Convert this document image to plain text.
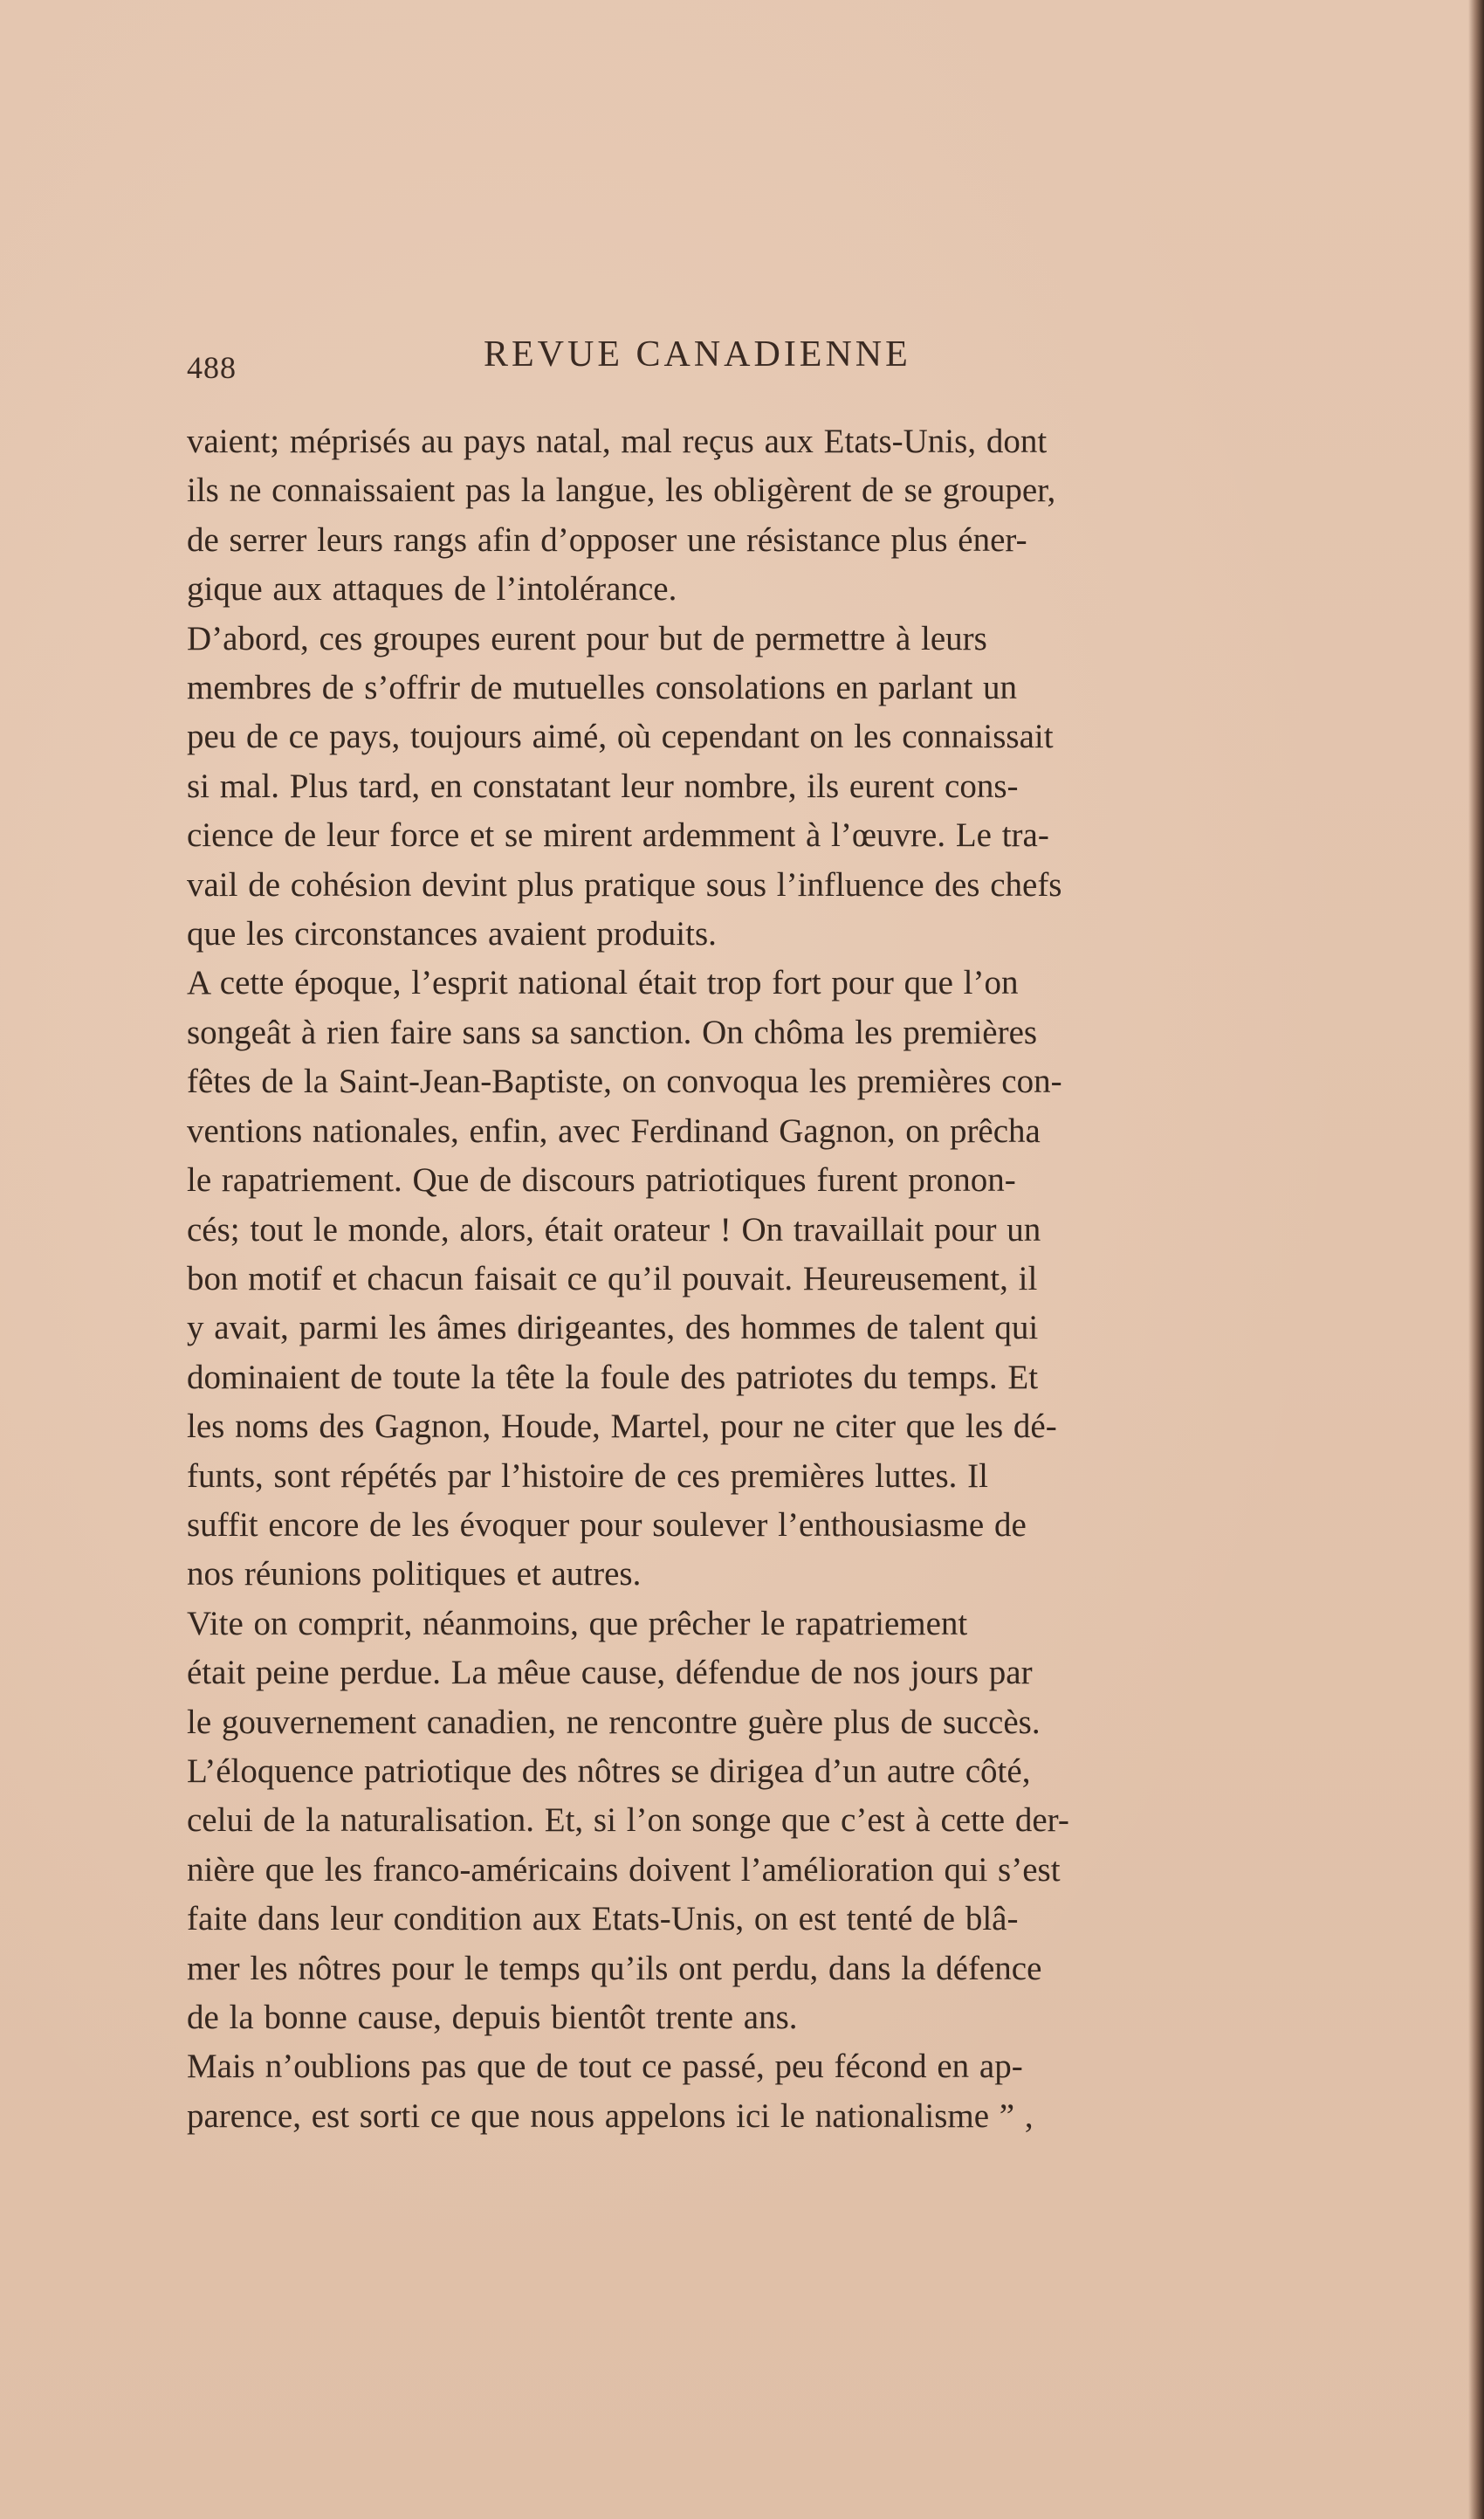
488	REVUE CANADIENNE

vaient; méprisés au pays natal, mal reçus aux Etats-Unis, dont
ils ne connaissaient pas la langue, les obligèrent de se grouper,
de serrer leurs rangs afin d’opposer une résistance plus éner-
gique aux attaques de l’intolérance.

D’abord, ces groupes eurent pour but de permettre à leurs
membres de s’offrir de mutuelles consolations en parlant un
peu de ce pays, toujours aimé, où cependant on les connaissait
si mal. Plus tard, en constatant leur nombre, ils eurent cons-
cience de leur force et se mirent ardemment à l’œuvre. Le tra-
vail de cohésion devint plus pratique sous l’influence des chefs
que les circonstances avaient produits.

A cette époque, l’esprit national était trop fort pour que l’on
songeât à rien faire sans sa sanction. On chôma les premières
fêtes de la Saint-Jean-Baptiste, on convoqua les premières con-
ventions nationales, enfin, avec Ferdinand Gagnon, on prêcha
le rapatriement. Que de discours patriotiques furent pronon-
cés; tout le monde, alors, était orateur ! On travaillait pour un
bon motif et chacun faisait ce qu’il pouvait. Heureusement, il
y avait, parmi les âmes dirigeantes, des hommes de talent qui
dominaient de toute la tête la foule des patriotes du temps. Et
les noms des Gagnon, Houde, Martel, pour ne citer que les dé-
funts, sont répétés par l’histoire de ces premières luttes. Il
suffit encore de les évoquer pour soulever l’enthousiasme de
nos réunions politiques et autres.

Vite on comprit, néanmoins, que prêcher le rapatriement
était peine perdue. La mêue cause, défendue de nos jours par
le gouvernement canadien, ne rencontre guère plus de succès.
L’éloquence patriotique des nôtres se dirigea d’un autre côté,
celui de la naturalisation. Et, si l’on songe que c’est à cette der-
nière que les franco-américains doivent l’amélioration qui s’est
faite dans leur condition aux Etats-Unis, on est tenté de blâ-
mer les nôtres pour le temps qu’ils ont perdu, dans la défence
de la bonne cause, depuis bientôt trente ans.

Mais n’oublions pas que de tout ce passé, peu fécond en ap-
parence, est sorti ce que nous appelons ici le nationalisme ” ,
